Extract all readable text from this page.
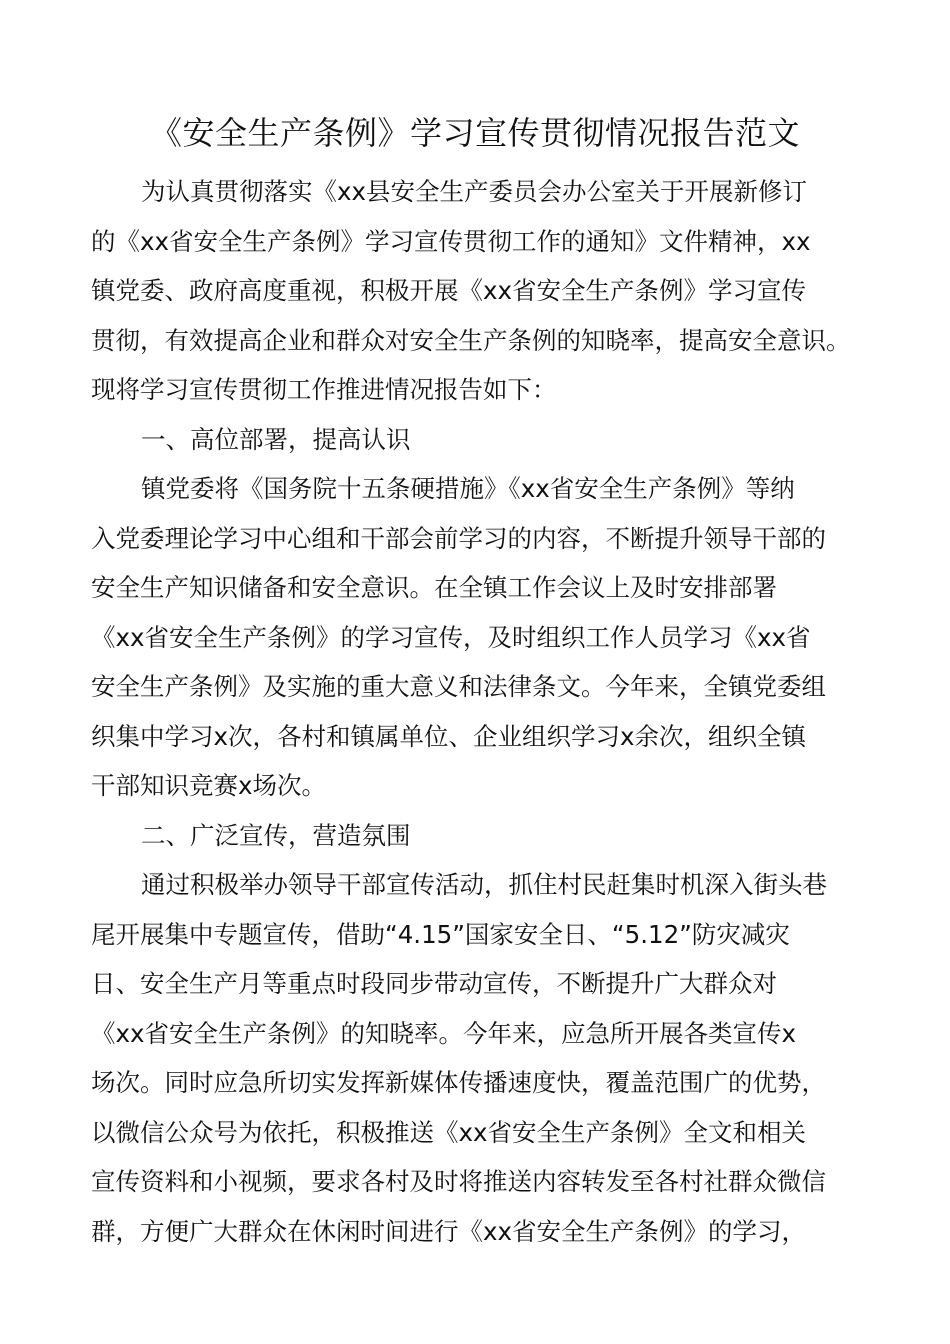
《安全生产条例》学习宣传贯彻情况报告范文
为认真贯彻落实《xx县安全生产委员会办公室关于开展新修订
的《xx省安全生产条例》学习宣传贯彻工作的通知》文件精神，xx
镇党委、政府高度重视，积极开展《xx省安全生产条例》学习宣传
贯彻，有效提高企业和群众对安全生产条例的知晓率，提高安全意识。
现将学习宣传贯彻工作推进情况报告如下：
一、高位部署，提高认识
镇党委将《国务院十五条硬措施》《xx省安全生产条例》等纳
入党委理论学习中心组和干部会前学习的内容，不断提升领导干部的
安全生产知识储备和安全意识。在全镇工作会议上及时安排部署
《xx省安全生产条例》的学习宣传，及时组织工作人员学习《xx省
安全生产条例》及实施的重大意义和法律条文。今年来，全镇党委组
织集中学习x次，各村和镇属单位、企业组织学习x余次，组织全镇
干部知识竞赛x场次。
二、广泛宣传，营造氛围
通过积极举办领导干部宣传活动，抓住村民赶集时机深入街头巷
尾开展集中专题宣传，借助“4.15”国家安全日、“5.12”防灾减灾
日、安全生产月等重点时段同步带动宣传，不断提升广大群众对
《xx省安全生产条例》的知晓率。今年来，应急所开展各类宣传x
场次。同时应急所切实发挥新媒体传播速度快，覆盖范围广的优势，
以微信公众号为依托，积极推送《xx省安全生产条例》全文和相关
宣传资料和小视频，要求各村及时将推送内容转发至各村社群众微信
群，方便广大群众在休闲时间进行《xx省安全生产条例》的学习，
